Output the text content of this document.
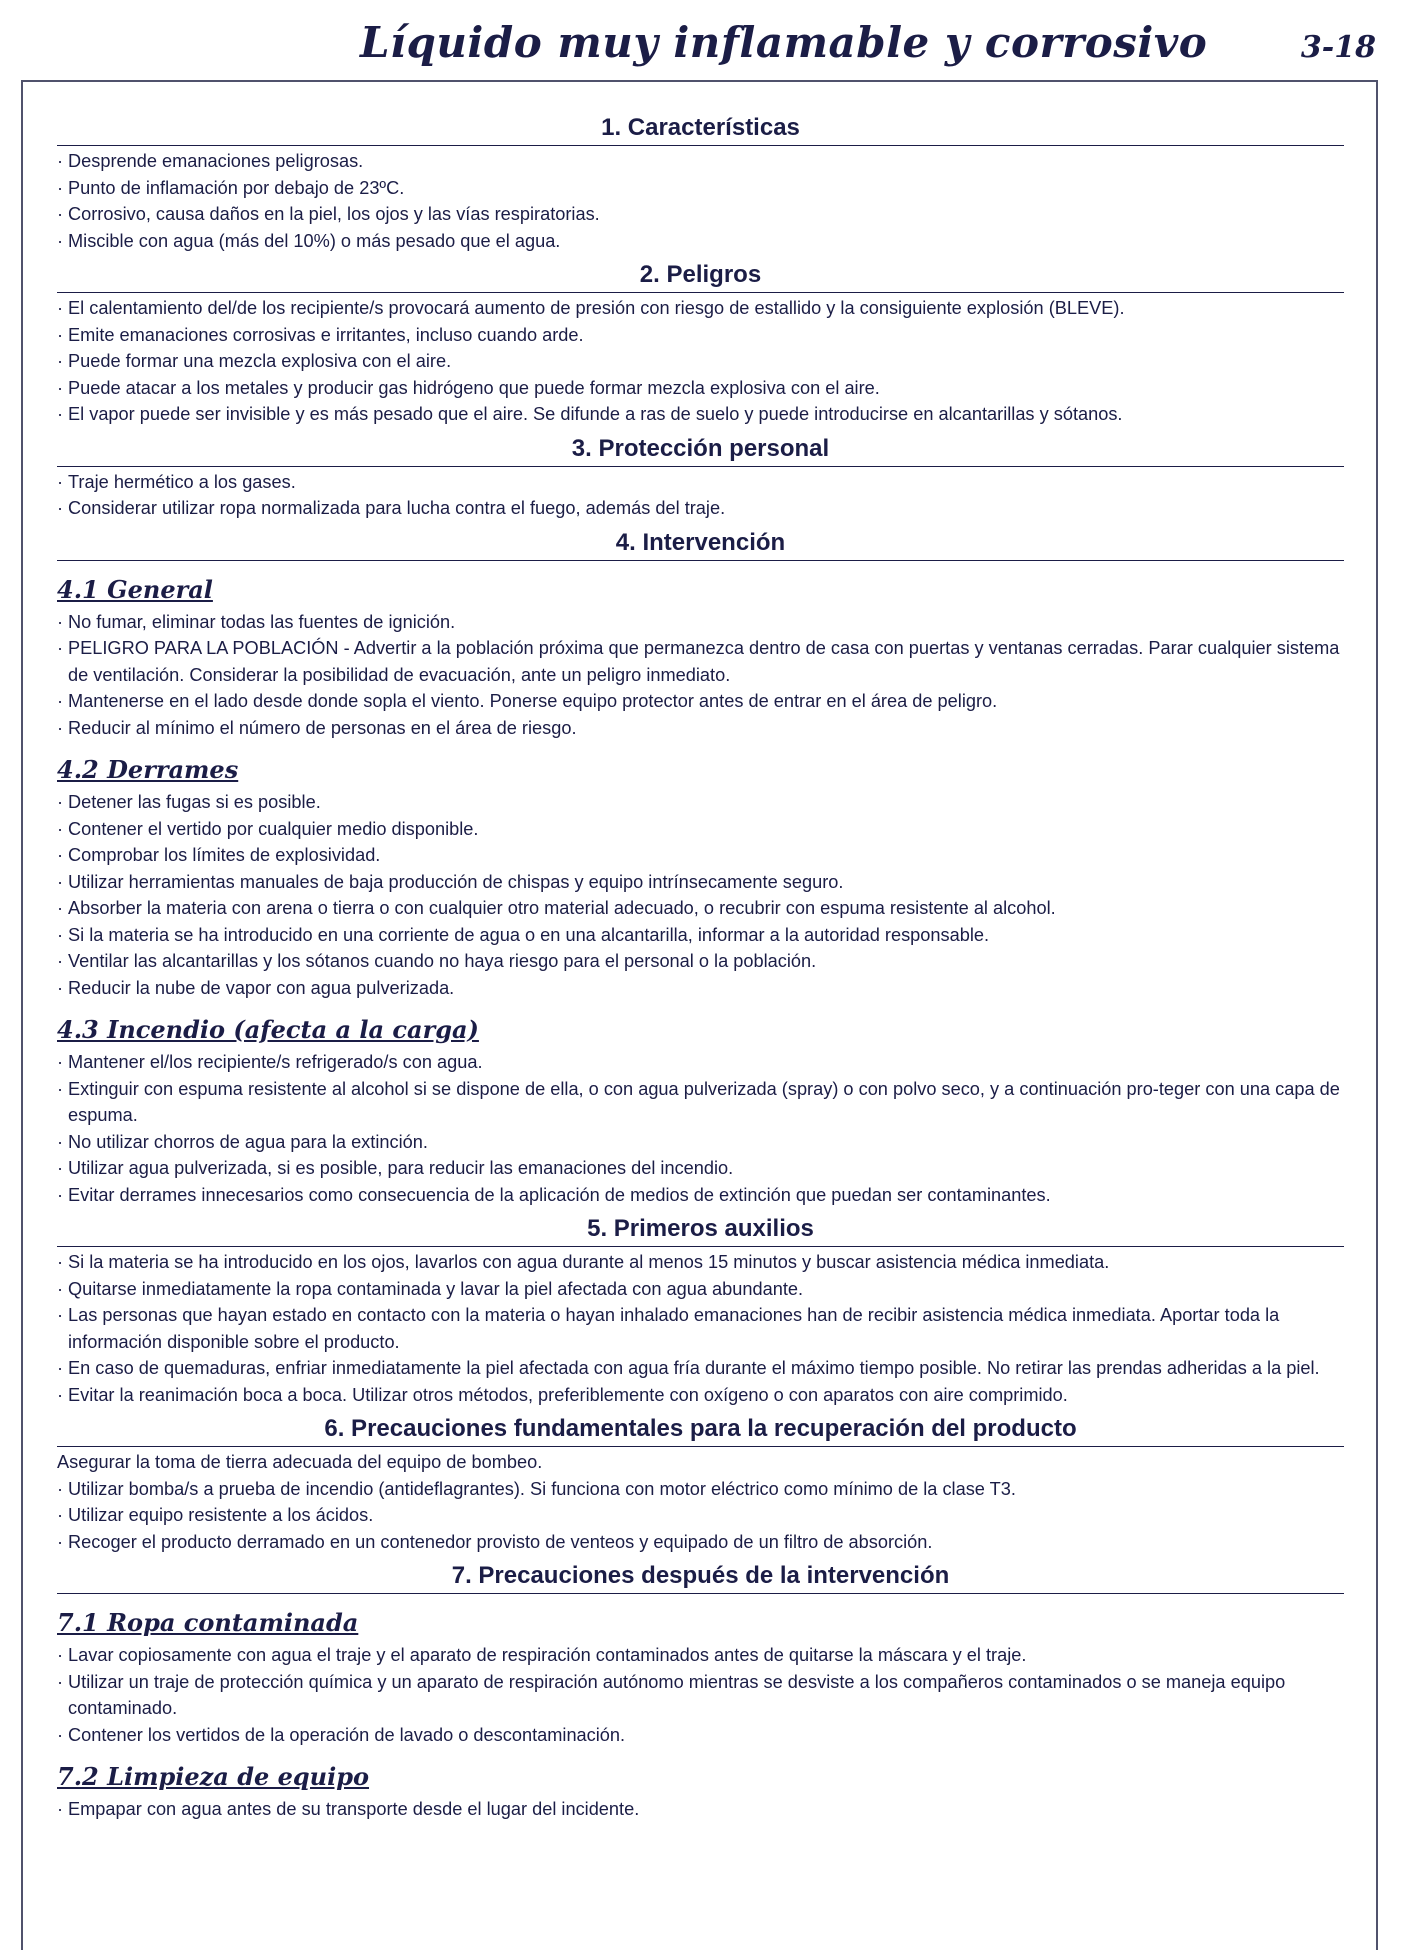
Líquido muy inflamable y corrosivo	3-18
1. Características
· Desprende emanaciones peligrosas.
· Punto de inflamación por debajo de 23ºC.
· Corrosivo, causa daños en la piel, los ojos y las vías respiratorias.
· Miscible con agua (más del 10%) o más pesado que el agua.
2. Peligros
· El calentamiento del/de los recipiente/s provocará aumento de presión con riesgo de estallido y la consiguiente explosión (BLEVE).
· Emite emanaciones corrosivas e irritantes, incluso cuando arde.
· Puede formar una mezcla explosiva con el aire.
· Puede atacar a los metales y producir gas hidrógeno que puede formar mezcla explosiva con el aire.
· El vapor puede ser invisible y es más pesado que el aire. Se difunde a ras de suelo y puede introducirse en alcantarillas y sótanos.
3. Protección personal
· Traje hermético a los gases.
· Considerar utilizar ropa normalizada para lucha contra el fuego, además del traje.
4. Intervención
4.1 General
· No fumar, eliminar todas las fuentes de ignición.
· PELIGRO PARA LA POBLACIÓN - Advertir a la población próxima que permanezca dentro de casa con puertas y ventanas cerradas. Parar cualquier sistema de ventilación. Considerar la posibilidad de evacuación, ante un peligro inmediato.
· Mantenerse en el lado desde donde sopla el viento. Ponerse equipo protector antes de entrar en el área de peligro.
· Reducir al mínimo el número de personas en el área de riesgo.
4.2 Derrames
· Detener las fugas si es posible.
· Contener el vertido por cualquier medio disponible.
· Comprobar los límites de explosividad.
· Utilizar herramientas manuales de baja producción de chispas y equipo intrínsecamente seguro.
· Absorber la materia con arena o tierra o con cualquier otro material adecuado, o recubrir con espuma resistente al alcohol.
· Si la materia se ha introducido en una corriente de agua o en una alcantarilla, informar a la autoridad responsable.
· Ventilar las alcantarillas y los sótanos cuando no haya riesgo para el personal o la población.
· Reducir la nube de vapor con agua pulverizada.
4.3 Incendio (afecta a la carga)
· Mantener el/los recipiente/s refrigerado/s con agua.
· Extinguir con espuma resistente al alcohol si se dispone de ella, o con agua pulverizada (spray) o con polvo seco, y a continuación pro-teger con una capa de espuma.
· No utilizar chorros de agua para la extinción.
· Utilizar agua pulverizada, si es posible, para reducir las emanaciones del incendio.
· Evitar derrames innecesarios como consecuencia de la aplicación de medios de extinción que puedan ser contaminantes.
5. Primeros auxilios
· Si la materia se ha introducido en los ojos, lavarlos con agua durante al menos 15 minutos y buscar asistencia médica inmediata.
· Quitarse inmediatamente la ropa contaminada y lavar la piel afectada con agua abundante.
· Las personas que hayan estado en contacto con la materia o hayan inhalado emanaciones han de recibir asistencia médica inmediata. Aportar toda la información disponible sobre el producto.
· En caso de quemaduras, enfriar inmediatamente la piel afectada con agua fría durante el máximo tiempo posible. No retirar las prendas adheridas a la piel.
· Evitar la reanimación boca a boca. Utilizar otros métodos, preferiblemente con oxígeno o con aparatos con aire comprimido.
6. Precauciones fundamentales para la recuperación del producto

Asegurar la toma de tierra adecuada del equipo de bombeo.

· Utilizar bomba/s a prueba de incendio (antideflagrantes). Si funciona con motor eléctrico como mínimo de la clase T3.
· Utilizar equipo resistente a los ácidos.
· Recoger el producto derramado en un contenedor provisto de venteos y equipado de un filtro de absorción.
7. Precauciones después de la intervención
7.1 Ropa contaminada
· Lavar copiosamente con agua el traje y el aparato de respiración contaminados antes de quitarse la máscara y el traje.
· Utilizar un traje de protección química y un aparato de respiración autónomo mientras se desviste a los compañeros contaminados o se maneja equipo contaminado.
· Contener los vertidos de la operación de lavado o descontaminación.
7.2 Limpieza de equipo
· Empapar con agua antes de su transporte desde el lugar del incidente.
